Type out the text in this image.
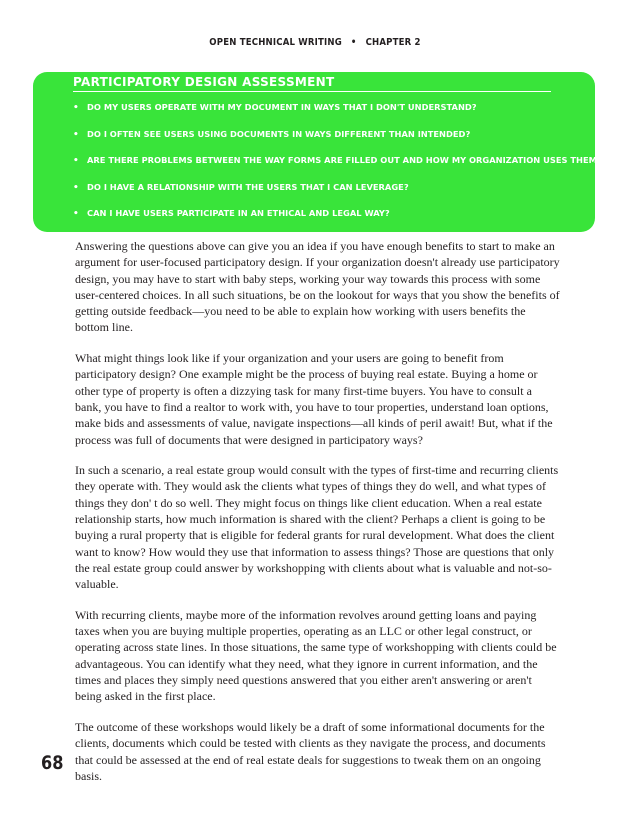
OPEN TECHNICAL WRITING • CHAPTER 2
PARTICIPATORY DESIGN ASSESSMENT
• DO MY USERS OPERATE WITH MY DOCUMENT IN WAYS THAT I DON'T UNDERSTAND?
• DO I OFTEN SEE USERS USING DOCUMENTS IN WAYS DIFFERENT THAN INTENDED?
• ARE THERE PROBLEMS BETWEEN THE WAY FORMS ARE FILLED OUT AND HOW MY ORGANIZATION USES THEM?
• DO I HAVE A RELATIONSHIP WITH THE USERS THAT I CAN LEVERAGE?
• CAN I HAVE USERS PARTICIPATE IN AN ETHICAL AND LEGAL WAY?

Answering the questions above can give you an idea if you have enough benefits to start to make an argument for user-focused participatory design. If your organization doesn't already use participatory design, you may have to start with baby steps, working your way towards this process with some user-centered choices. In all such situations, be on the lookout for ways that you show the benefits of getting outside feedback—you need to be able to explain how working with users benefits the bottom line.

What might things look like if your organization and your users are going to benefit from participatory design? One example might be the process of buying real estate. Buying a home or other type of property is often a dizzying task for many first-time buyers. You have to consult a bank, you have to find a realtor to work with, you have to tour properties, understand loan options, make bids and assessments of value, navigate inspections—all kinds of peril await! But, what if the process was full of documents that were designed in participatory ways?

In such a scenario, a real estate group would consult with the types of first-time and recurring clients they operate with. They would ask the clients what types of things they do well, and what types of things they don' t do so well. They might focus on things like client education. When a real estate relationship starts, how much information is shared with the client? Perhaps a client is going to be buying a rural property that is eligible for federal grants for rural development. What does the client want to know? How would they use that information to assess things? Those are questions that only the real estate group could answer by workshopping with clients about what is valuable and not-so-valuable.

With recurring clients, maybe more of the information revolves around getting loans and paying taxes when you are buying multiple properties, operating as an LLC or other legal construct, or operating across state lines. In those situations, the same type of workshopping with clients could be advantageous. You can identify what they need, what they ignore in current information, and the times and places they simply need questions answered that you either aren't answering or aren't being asked in the first place.

The outcome of these workshops would likely be a draft of some informational documents for the clients, documents which could be tested with clients as they navigate the process, and documents that could be assessed at the end of real estate deals for suggestions to tweak them on an ongoing basis.

68
